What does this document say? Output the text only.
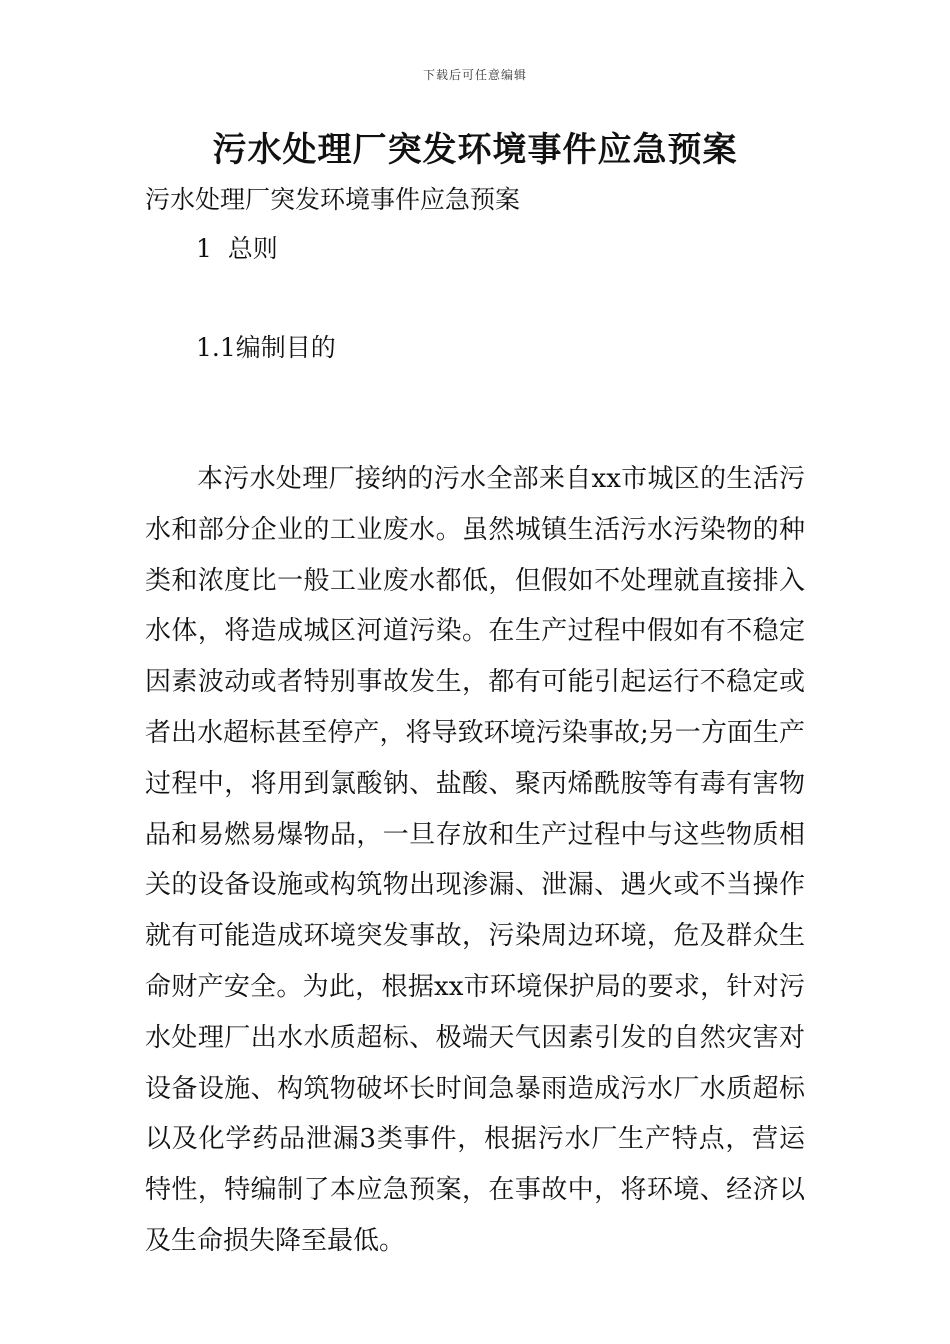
下载后可任意编辑
污水处理厂突发环境事件应急预案
污水处理厂突发环境事件应急预案
1  总则
1.1编制目的

本污水处理厂接纳的污水全部来自xx市城区的生活污水和部分企业的工业废水。虽然城镇生活污水污染物的种类和浓度比一般工业废水都低，但假如不处理就直接排入水体，将造成城区河道污染。在生产过程中假如有不稳定因素波动或者特别事故发生，都有可能引起运行不稳定或者出水超标甚至停产，将导致环境污染事故;另一方面生产过程中，将用到氯酸钠、盐酸、聚丙烯酰胺等有毒有害物品和易燃易爆物品，一旦存放和生产过程中与这些物质相关的设备设施或构筑物出现渗漏、泄漏、遇火或不当操作就有可能造成环境突发事故，污染周边环境，危及群众生命财产安全。为此，根据xx市环境保护局的要求，针对污水处理厂出水水质超标、极端天气因素引发的自然灾害对设备设施、构筑物破坏长时间急暴雨造成污水厂水质超标以及化学药品泄漏3类事件，根据污水厂生产特点，营运特性，特编制了本应急预案，在事故中，将环境、经济以及生命损失降至最低。
